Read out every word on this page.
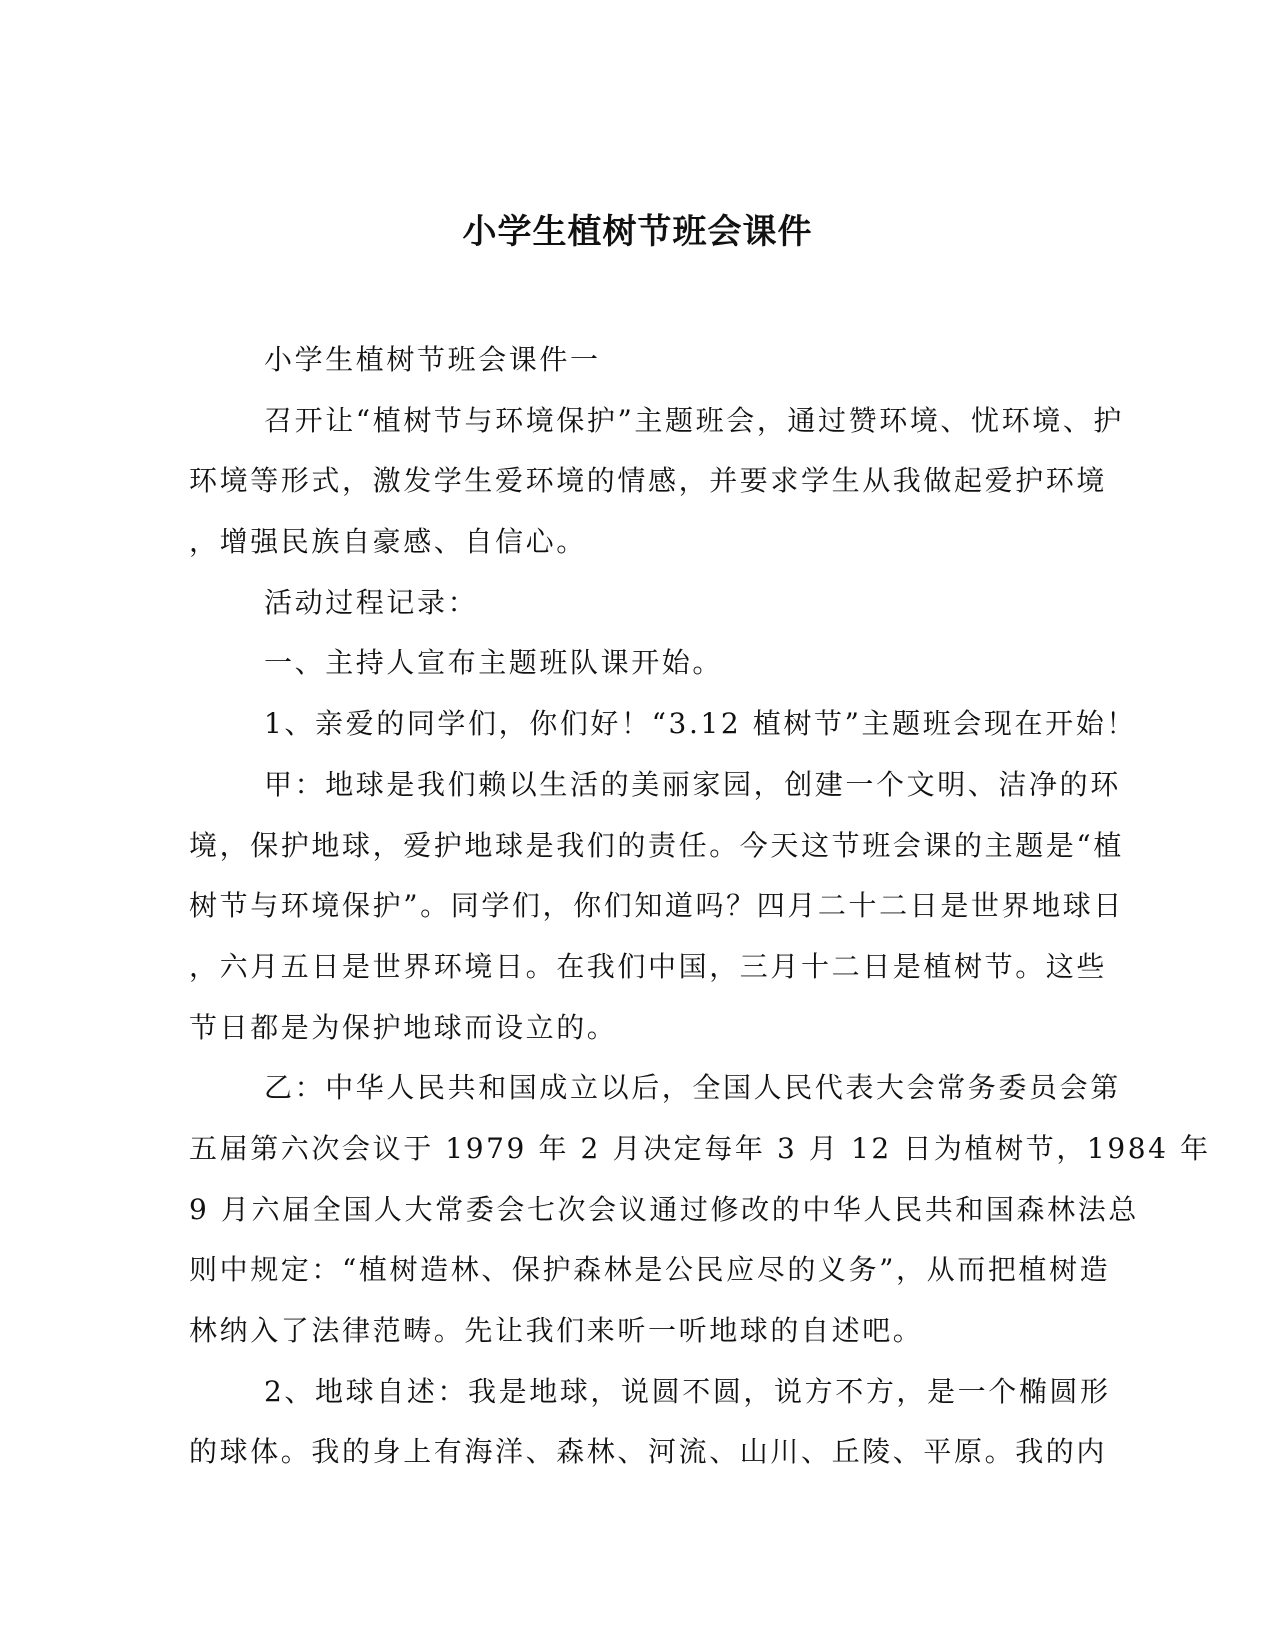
小学生植树节班会课件
小学生植树节班会课件一
召开让“植树节与环境保护”主题班会，通过赞环境、忧环境、护
环境等形式，激发学生爱环境的情感，并要求学生从我做起爱护环境
，增强民族自豪感、自信心。
活动过程记录：
一、主持人宣布主题班队课开始。
1、亲爱的同学们，你们好！“3.12 植树节”主题班会现在开始！
甲：地球是我们赖以生活的美丽家园，创建一个文明、洁净的环
境，保护地球，爱护地球是我们的责任。今天这节班会课的主题是“植
树节与环境保护”。同学们，你们知道吗？四月二十二日是世界地球日
，六月五日是世界环境日。在我们中国，三月十二日是植树节。这些
节日都是为保护地球而设立的。
乙：中华人民共和国成立以后，全国人民代表大会常务委员会第
五届第六次会议于 1979 年 2 月决定每年 3 月 12 日为植树节，1984 年
9 月六届全国人大常委会七次会议通过修改的中华人民共和国森林法总
则中规定：“植树造林、保护森林是公民应尽的义务”，从而把植树造
林纳入了法律范畴。先让我们来听一听地球的自述吧。
2、地球自述：我是地球，说圆不圆，说方不方，是一个椭圆形
的球体。我的身上有海洋、森林、河流、山川、丘陵、平原。我的内
